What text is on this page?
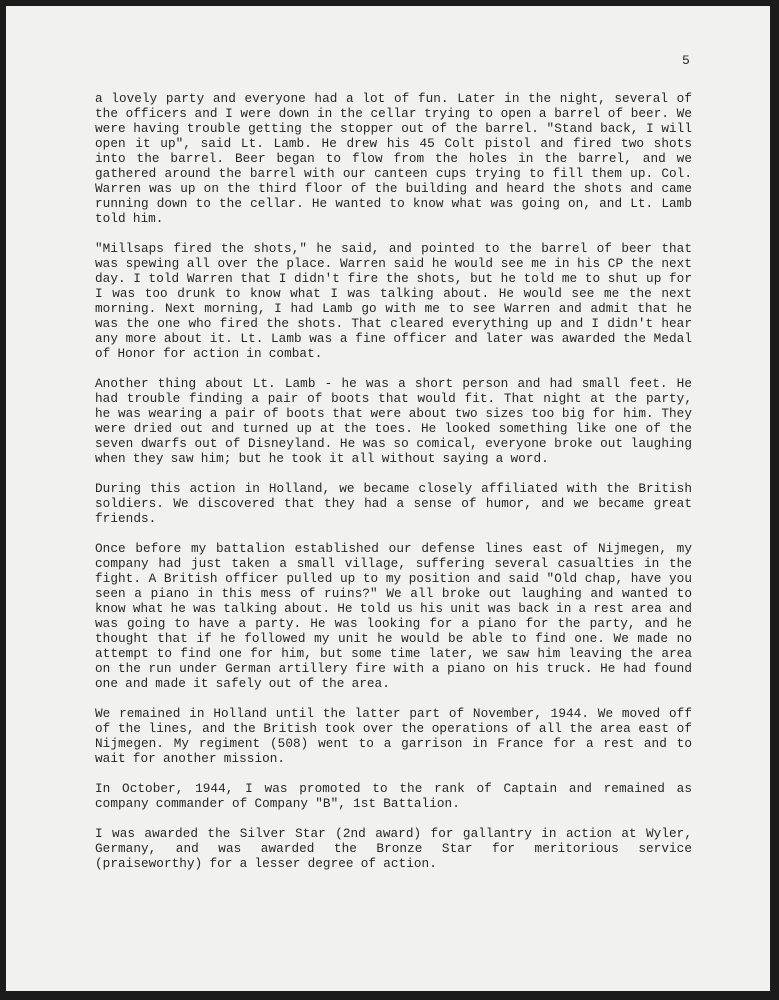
5

a lovely party and everyone had a lot of fun. Later in the night, several of the officers and I were down in the cellar trying to open a barrel of beer. We were having trouble getting the stopper out of the barrel. "Stand back, I will open it up", said Lt. Lamb. He drew his 45 Colt pistol and fired two shots into the barrel. Beer began to flow from the holes in the barrel, and we gathered around the barrel with our canteen cups trying to fill them up. Col. Warren was up on the third floor of the building and heard the shots and came running down to the cellar. He wanted to know what was going on, and Lt. Lamb told him.

"Millsaps fired the shots," he said, and pointed to the barrel of beer that was spewing all over the place. Warren said he would see me in his CP the next day. I told Warren that I didn't fire the shots, but he told me to shut up for I was too drunk to know what I was talking about. He would see me the next morning. Next morning, I had Lamb go with me to see Warren and admit that he was the one who fired the shots. That cleared everything up and I didn't hear any more about it. Lt. Lamb was a fine officer and later was awarded the Medal of Honor for action in combat.

Another thing about Lt. Lamb - he was a short person and had small feet. He had trouble finding a pair of boots that would fit. That night at the party, he was wearing a pair of boots that were about two sizes too big for him. They were dried out and turned up at the toes. He looked something like one of the seven dwarfs out of Disneyland. He was so comical, everyone broke out laughing when they saw him; but he took it all without saying a word.

During this action in Holland, we became closely affiliated with the British soldiers. We discovered that they had a sense of humor, and we became great friends.

Once before my battalion established our defense lines east of Nijmegen, my company had just taken a small village, suffering several casualties in the fight. A British officer pulled up to my position and said "Old chap, have you seen a piano in this mess of ruins?" We all broke out laughing and wanted to know what he was talking about. He told us his unit was back in a rest area and was going to have a party. He was looking for a piano for the party, and he thought that if he followed my unit he would be able to find one. We made no attempt to find one for him, but some time later, we saw him leaving the area on the run under German artillery fire with a piano on his truck. He had found one and made it safely out of the area.

We remained in Holland until the latter part of November, 1944. We moved off of the lines, and the British took over the operations of all the area east of Nijmegen. My regiment (508) went to a garrison in France for a rest and to wait for another mission.

In October, 1944, I was promoted to the rank of Captain and remained as company commander of Company "B", 1st Battalion.

I was awarded the Silver Star (2nd award) for gallantry in action at Wyler, Germany, and was awarded the Bronze Star for meritorious service (praiseworthy) for a lesser degree of action.
